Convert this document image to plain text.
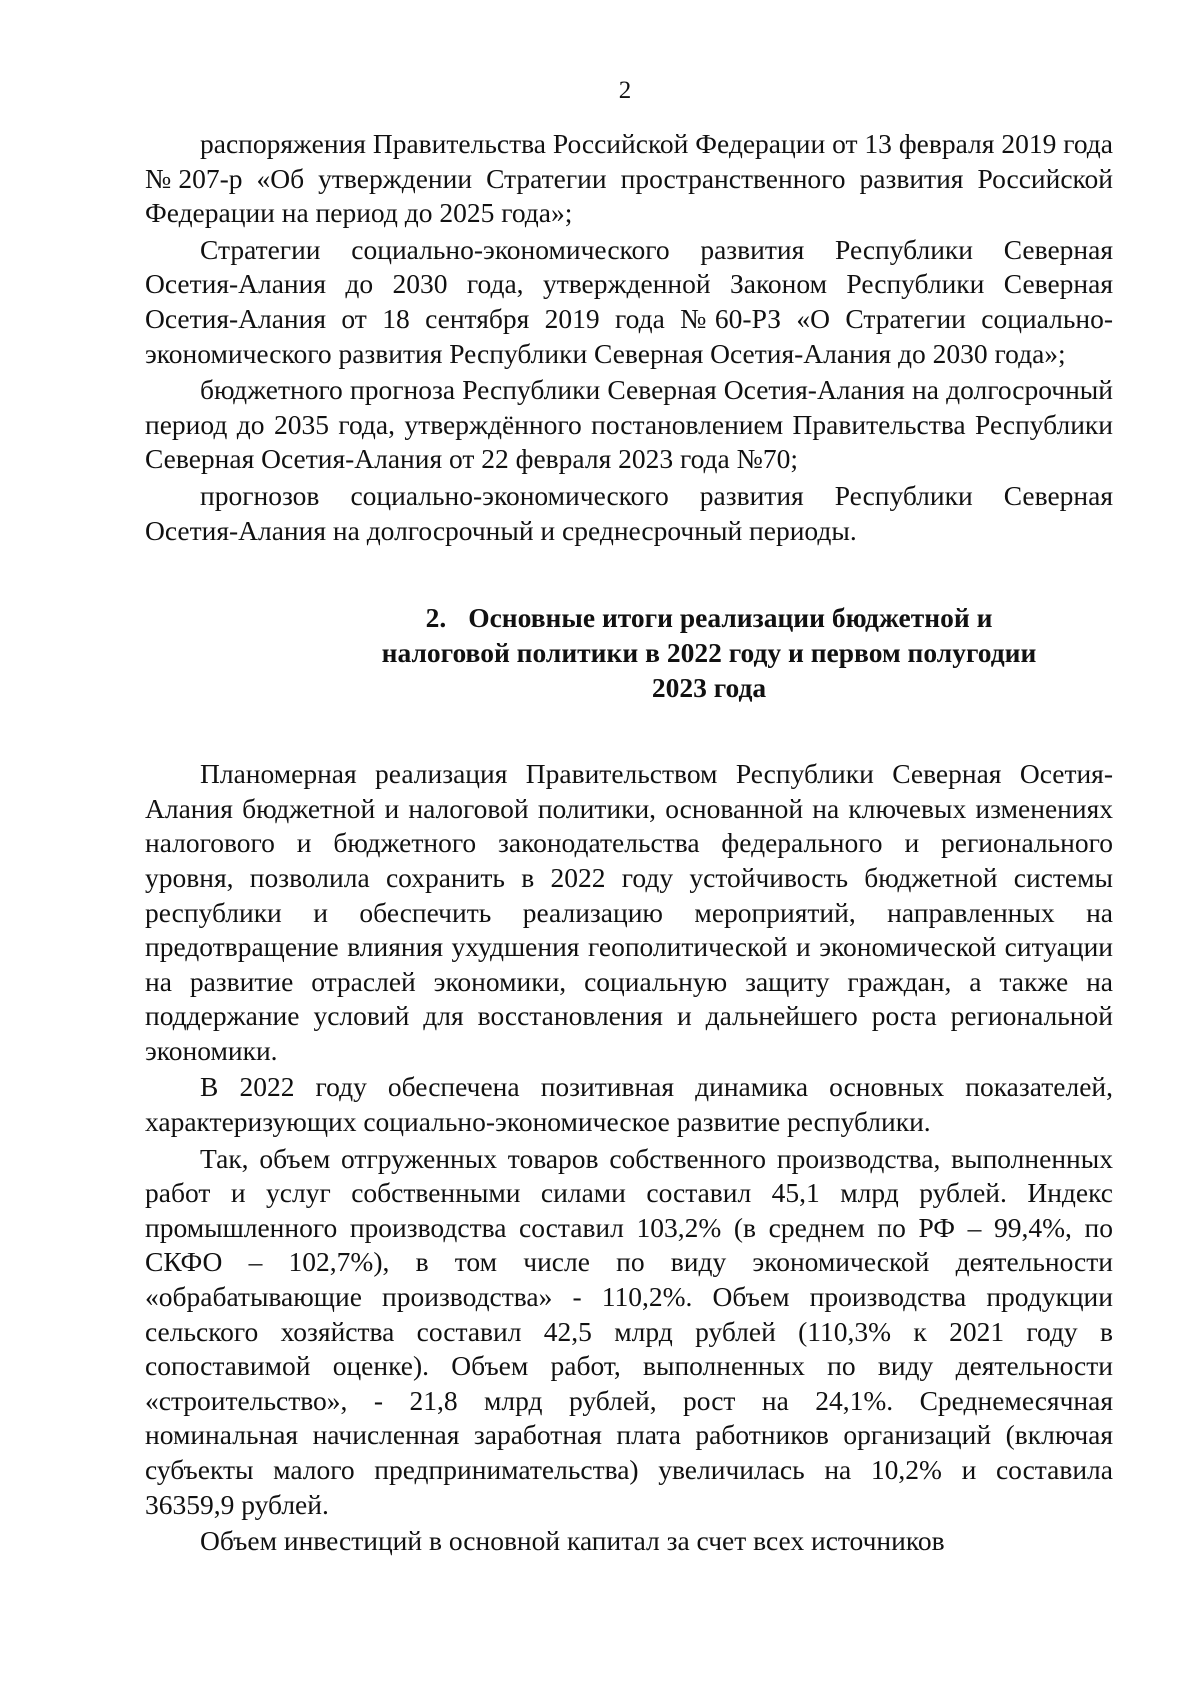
2

распоряжения Правительства Российской Федерации от 13 февраля 2019 года №207-р «Об утверждении Стратегии пространственного развития Российской Федерации на период до 2025 года»;

Стратегии социально-экономического развития Республики Северная Осетия-Алания до 2030 года, утвержденной Законом Республики Северная Осетия-Алания от 18 сентября 2019 года №60-РЗ «О Стратегии социально-экономического развития Республики Северная Осетия-Алания до 2030 года»;

бюджетного прогноза Республики Северная Осетия-Алания на долгосрочный период до 2035 года, утверждённого постановлением Правительства Республики Северная Осетия-Алания от 22 февраля 2023 года №70;

прогнозов социально-экономического развития Республики Северная Осетия-Алания на долгосрочный и среднесрочный периоды.

2. Основные итоги реализации бюджетной и налоговой политики в 2022 году и первом полугодии 2023 года

Планомерная реализация Правительством Республики Северная Осетия-Алания бюджетной и налоговой политики, основанной на ключевых изменениях налогового и бюджетного законодательства федерального и регионального уровня, позволила сохранить в 2022 году устойчивость бюджетной системы республики и обеспечить реализацию мероприятий, направленных на предотвращение влияния ухудшения геополитической и экономической ситуации на развитие отраслей экономики, социальную защиту граждан, а также на поддержание условий для восстановления и дальнейшего роста региональной экономики.

В 2022 году обеспечена позитивная динамика основных показателей, характеризующих социально-экономическое развитие республики.

Так, объем отгруженных товаров собственного производства, выполненных работ и услуг собственными силами составил 45,1 млрд рублей. Индекс промышленного производства составил 103,2% (в среднем по РФ – 99,4%, по СКФО – 102,7%), в том числе по виду экономической деятельности «обрабатывающие производства» - 110,2%. Объем производства продукции сельского хозяйства составил 42,5 млрд рублей (110,3% к 2021 году в сопоставимой оценке). Объем работ, выполненных по виду деятельности «строительство», - 21,8 млрд рублей, рост на 24,1%. Среднемесячная номинальная начисленная заработная плата работников организаций (включая субъекты малого предпринимательства) увеличилась на 10,2% и составила 36359,9 рублей.

Объем инвестиций в основной капитал за счет всех источников
